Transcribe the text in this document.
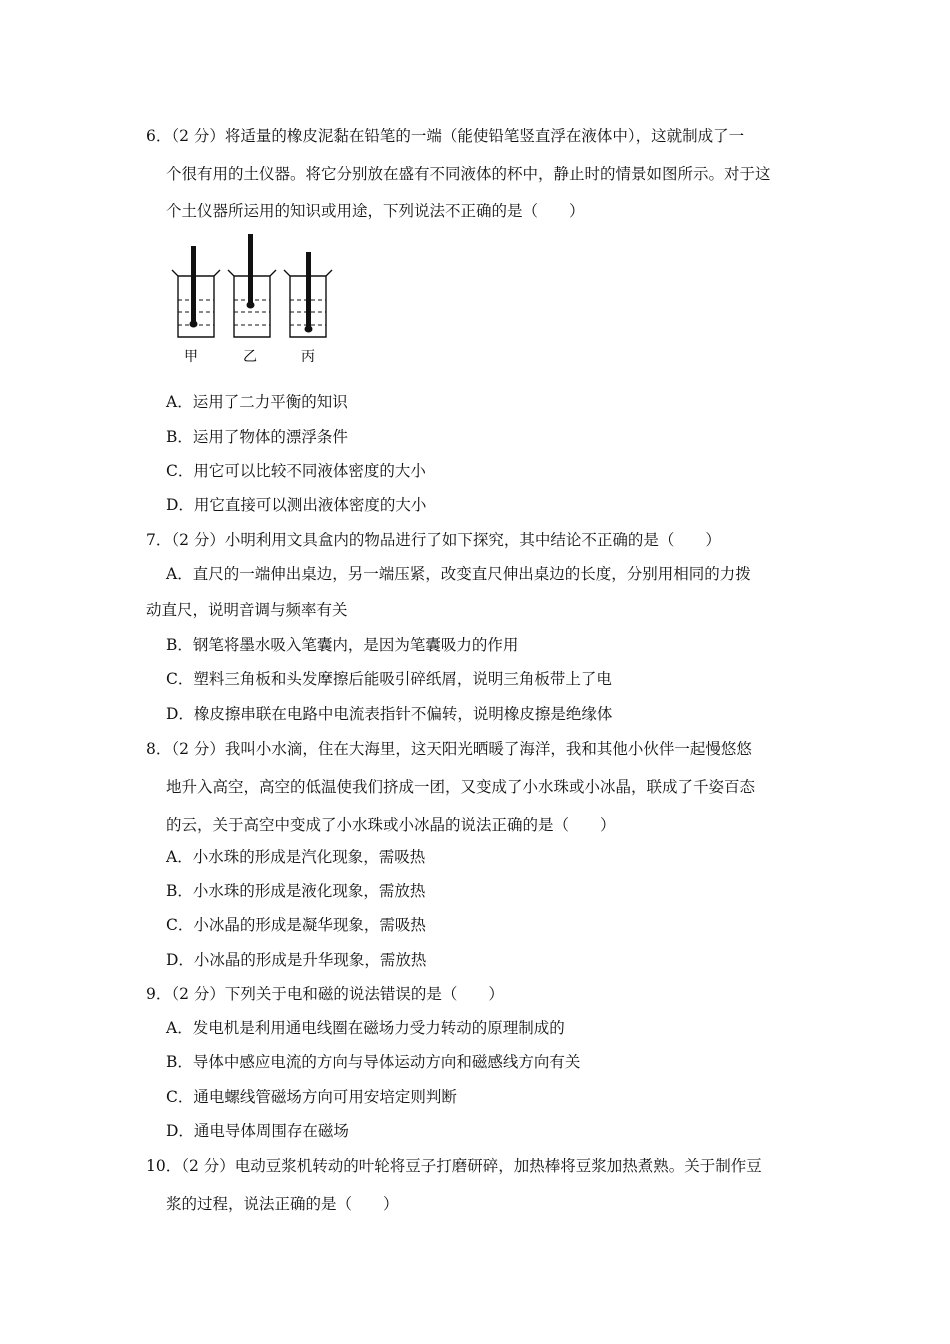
6．（2 分）将适量的橡皮泥黏在铅笔的一端（能使铅笔竖直浮在液体中），这就制成了一
个很有用的土仪器。将它分别放在盛有不同液体的杯中，静止时的情景如图所示。对于这
个土仪器所运用的知识或用途，下列说法不正确的是（　　）
甲	乙	丙
A．运用了二力平衡的知识
B．运用了物体的漂浮条件
C．用它可以比较不同液体密度的大小
D．用它直接可以测出液体密度的大小
7．（2 分）小明利用文具盒内的物品进行了如下探究，其中结论不正确的是（　　）
A．直尺的一端伸出桌边，另一端压紧，改变直尺伸出桌边的长度，分别用相同的力拨
动直尺，说明音调与频率有关
B．钢笔将墨水吸入笔囊内，是因为笔囊吸力的作用
C．塑料三角板和头发摩擦后能吸引碎纸屑，说明三角板带上了电
D．橡皮擦串联在电路中电流表指针不偏转，说明橡皮擦是绝缘体
8．（2 分）我叫小水滴，住在大海里，这天阳光晒暖了海洋，我和其他小伙伴一起慢悠悠
地升入高空，高空的低温使我们挤成一团，又变成了小水珠或小冰晶，联成了千姿百态
的云，关于高空中变成了小水珠或小冰晶的说法正确的是（　　）
A．小水珠的形成是汽化现象，需吸热
B．小水珠的形成是液化现象，需放热
C．小冰晶的形成是凝华现象，需吸热
D．小冰晶的形成是升华现象，需放热
9．（2 分）下列关于电和磁的说法错误的是（　　）
A．发电机是利用通电线圈在磁场力受力转动的原理制成的
B．导体中感应电流的方向与导体运动方向和磁感线方向有关
C．通电螺线管磁场方向可用安培定则判断
D．通电导体周围存在磁场
10．（2 分）电动豆浆机转动的叶轮将豆子打磨研碎，加热棒将豆浆加热煮熟。关于制作豆
浆的过程，说法正确的是（　　）
